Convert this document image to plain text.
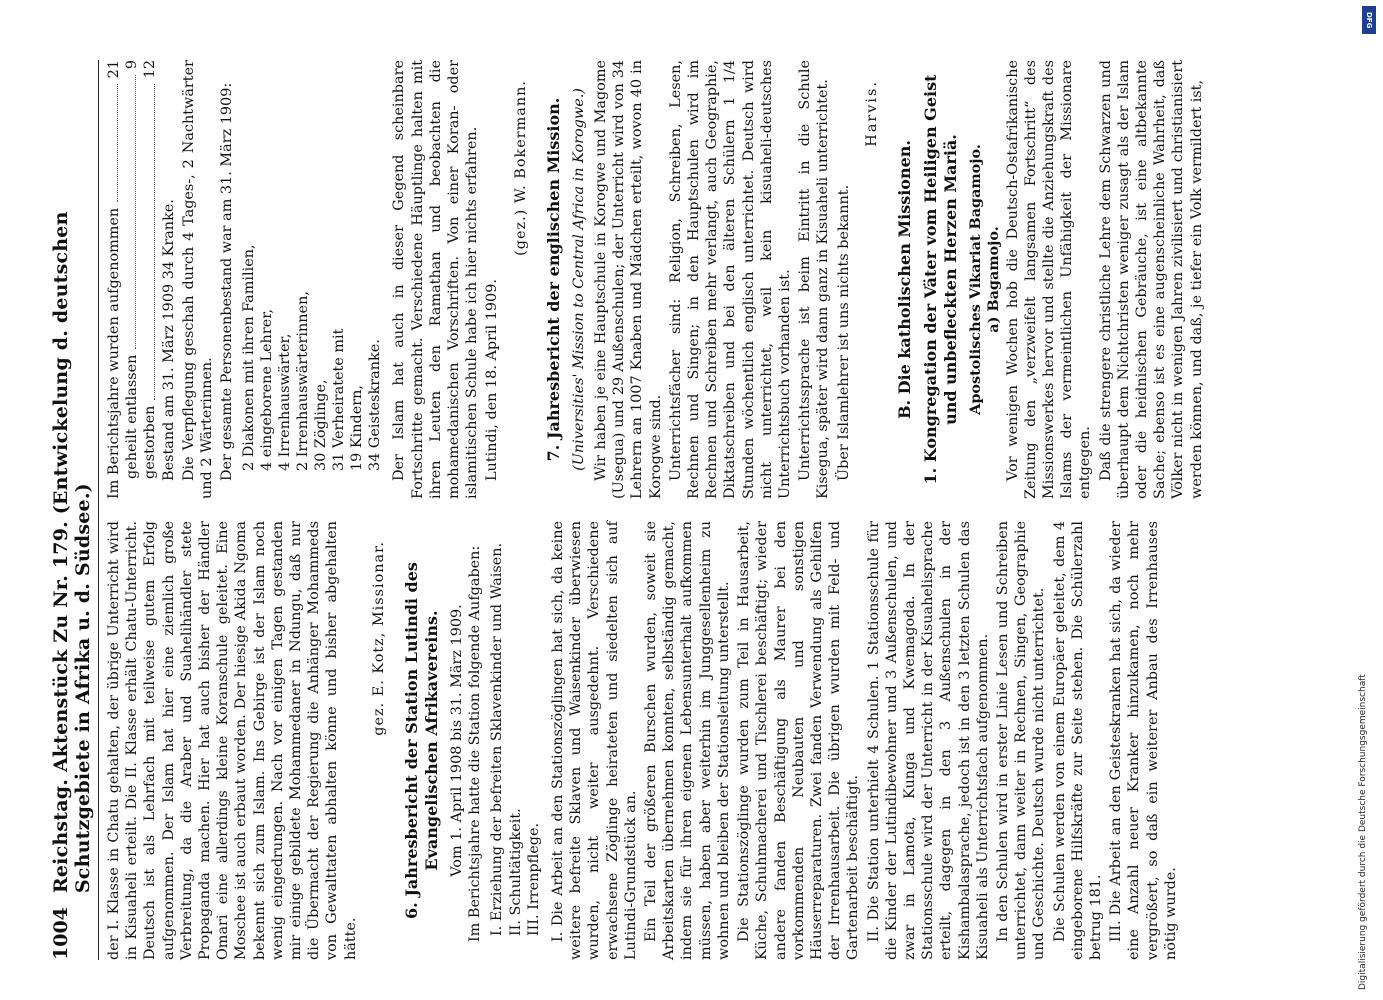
1004
Reichstag. Aktenstück Zu Nr. 179. (Entwickelung d. deutschen Schutzgebiete in Afrika u. d. Südsee.) der I. Klasse in Chatu gehalten, der übrige Unterricht wird in Kisuaheli erteilt. Die II. Klasse erhält Chatu-Unterricht. Deutsch ist als Lehrfach mit teilweise gutem Erfolg aufgenommen. Der Islam hat hier eine ziemlich große Verbreitung, da die Araber und Suahelihändler stete Propaganda machen. Hier hat auch bisher der Händler Omari eine allerdings kleine Koranschule geleitet. Eine Moschee ist auch erbaut worden. Der hiesige Akida Ngoma bekennt sich zum Islam. Ins Gebirge ist der Islam noch wenig eingedrungen. Nach vor einigen Tagen gestanden mir einige gebildete Mohammedaner in Ndungu, daß nur die Übermacht der Regierung die Anhänger Mohammeds von Gewalttaten abhalten könne und bisher abgehalten hätte.

gez. E. Kotz, Missionar. 6. Jahresbericht der Station Lutindi des Evangelischen Afrikavereins. Vom 1. April 1908 bis 31. März 1909. Im Berichtsjahre hatte die Station folgende Aufgaben: I. Erziehung der befreiten Sklavenkinder und Waisen. II. Schultätigkeit. III. Irrenpflege. I. Die Arbeit an den Stationszöglingen hat sich, da keine weitere befreite Sklaven und Waisenkinder überwiesen wurden, nicht weiter ausgedehnt. Verschiedene erwachsene Zöglinge heirateten und siedelten sich auf Lutindi-Grundstück an. Ein Teil der größeren Burschen wurden, soweit sie Arbeitskarten übernehmen konnten, selbständig gemacht, indem sie für ihren eigenen Lebensunterhalt aufkommen müssen, haben aber weiterhin im Junggesellenheim zu wohnen und bleiben der Stationsleitung unterstellt. Die Stationszöglinge wurden zum Teil in Hausarbeit, Küche, Schuhmacherei und Tischlerei beschäftigt; wieder andere fanden Beschäftigung als Maurer bei den vorkommenden Neubauten und sonstigen Häuserreparaturen. Zwei fanden Verwendung als Gehilfen der Irrenhausarbeit. Die übrigen wurden mit Feld- und Gartenarbeit beschäftigt. II. Die Station unterhielt 4 Schulen. 1 Stationsschule für die Kinder der Lutindibewohner und 3 Außenschulen, und zwar in Lamota, Kunga und Kwemagoda. In der Stationsschule wird der Unterricht in der Kisuahelisprache erteilt, dagegen in den 3 Außenschulen in der Kishambalasprache, jedoch ist in den 3 letzten Schulen das Kisuaheli als Unterrichtsfach aufgenommen. In den Schulen wird in erster Linie Lesen und Schreiben unterrichtet, dann weiter in Rechnen, Singen, Geographie und Geschichte. Deutsch wurde nicht unterrichtet. Die Schulen werden von einem Europäer geleitet, dem 4 eingeborene Hilfskräfte zur Seite stehen. Die Schülerzahl betrug 181. III. Die Arbeit an den Geisteskranken hat sich, da wieder eine Anzahl neuer Kranker hinzukamen, noch mehr vergrößert, so daß ein weiterer Anbau des Irrenhauses nötig wurde.

Im Berichtsjahre wurden aufgenommen
21
geheilt entlassen
9
gestorben
12

Bestand am 31. März 1909 34 Kranke. Die Verpflegung geschah durch 4 Tages-, 2 Nachtwärter und 2 Wärterinnen. Der gesamte Personenbestand war am 31. März 1909: 2 Diakonen mit ihren Familien, 4 eingeborene Lehrer, 4 Irrenhauswärter, 2 Irrenhauswärterinnen, 30 Zöglinge, 31 Verheiratete mit 19 Kindern, 34 Geisteskranke. Der Islam hat auch in dieser Gegend scheinbare Fortschritte gemacht. Verschiedene Häuptlinge halten mit ihren Leuten den Ramathan und beobachten die mohamedanischen Vorschriften. Von einer Koran- oder islamitischen Schule habe ich hier nichts erfahren. Lutindi, den 18. April 1909.

(gez.) W. Bokermann. 7. Jahresbericht der englischen Mission. (Universities' Mission to Central Africa in Korogwe.) Wir haben je eine Hauptschule in Korogwe und Magome (Usegua) und 29 Außenschulen; der Unterricht wird von 34 Lehrern an 1007 Knaben und Mädchen erteilt, wovon 40 in Korogwe sind. Unterrichtsfächer sind: Religion, Schreiben, Lesen, Rechnen und Singen; in den Hauptschulen wird im Rechnen und Schreiben mehr verlangt, auch Geographie, Diktatschreiben und bei den älteren Schülern 1 1/4 Stunden wöchentlich englisch unterrichtet. Deutsch wird nicht unterrichtet, weil kein kisuaheli-deutsches Unterrichtsbuch vorhanden ist. Unterrichtssprache ist beim Eintritt in die Schule Kisegua, später wird dann ganz in Kisuaheli unterrichtet. Über Islamlehrer ist uns nichts bekannt.

Harvis.
B. Die katholischen Missionen. 1. Kongregation der Väter vom Heiligen Geist und unbefleckten Herzen Mariä. Apostolisches Vikariat Bagamojo. a) Bagamojo. Vor wenigen Wochen hob die Deutsch-Ostafrikanische Zeitung den „verzweifelt langsamen Fortschritt“ des Missionswerkes hervor und stellte die Anziehungskraft des Islams der vermeintlichen Unfähigkeit der Missionare entgegen. Daß die strengere christliche Lehre dem Schwarzen und überhaupt dem Nichtchristen weniger zusagt als der Islam oder die heidnischen Gebräuche, ist eine altbekannte Sache; ebenso ist es eine augenscheinliche Wahrheit, daß Völker nicht in wenigen Jahren zivilisiert und christianisiert werden können, und daß, je tiefer ein Volk vermildert ist,

DFG
Digitalisierung gefördert durch die Deutsche Forschungsgemeinschaft
